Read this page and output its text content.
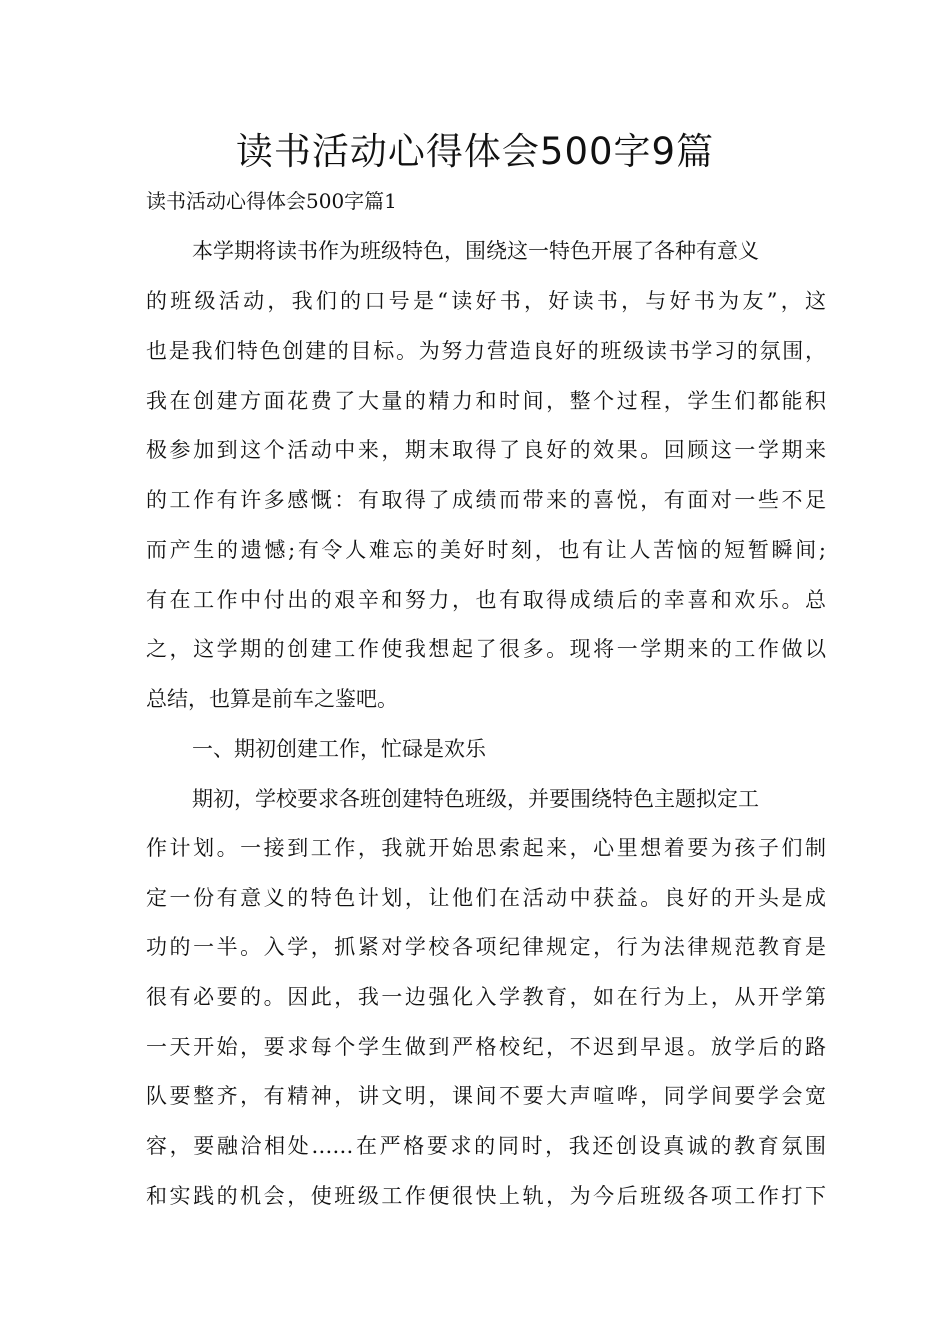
读书活动心得体会500字9篇

读书活动心得体会500字篇1

本学期将读书作为班级特色，围绕这一特色开展了各种有意义

的班级活动，我们的口号是“读好书，好读书，与好书为友”，这

也是我们特色创建的目标。为努力营造良好的班级读书学习的氛围，

我在创建方面花费了大量的精力和时间，整个过程，学生们都能积

极参加到这个活动中来，期末取得了良好的效果。回顾这一学期来

的工作有许多感慨：有取得了成绩而带来的喜悦，有面对一些不足

而产生的遗憾;有令人难忘的美好时刻，也有让人苦恼的短暂瞬间;

有在工作中付出的艰辛和努力，也有取得成绩后的幸喜和欢乐。总

之，这学期的创建工作使我想起了很多。现将一学期来的工作做以

总结，也算是前车之鉴吧。

一、期初创建工作，忙碌是欢乐

期初，学校要求各班创建特色班级，并要围绕特色主题拟定工

作计划。一接到工作，我就开始思索起来，心里想着要为孩子们制

定一份有意义的特色计划，让他们在活动中获益。良好的开头是成

功的一半。入学，抓紧对学校各项纪律规定，行为法律规范教育是

很有必要的。因此，我一边强化入学教育，如在行为上，从开学第

一天开始，要求每个学生做到严格校纪，不迟到早退。放学后的路

队要整齐，有精神，讲文明，课间不要大声喧哗，同学间要学会宽

容，要融洽相处……在严格要求的同时，我还创设真诚的教育氛围

和实践的机会，使班级工作便很快上轨，为今后班级各项工作打下
